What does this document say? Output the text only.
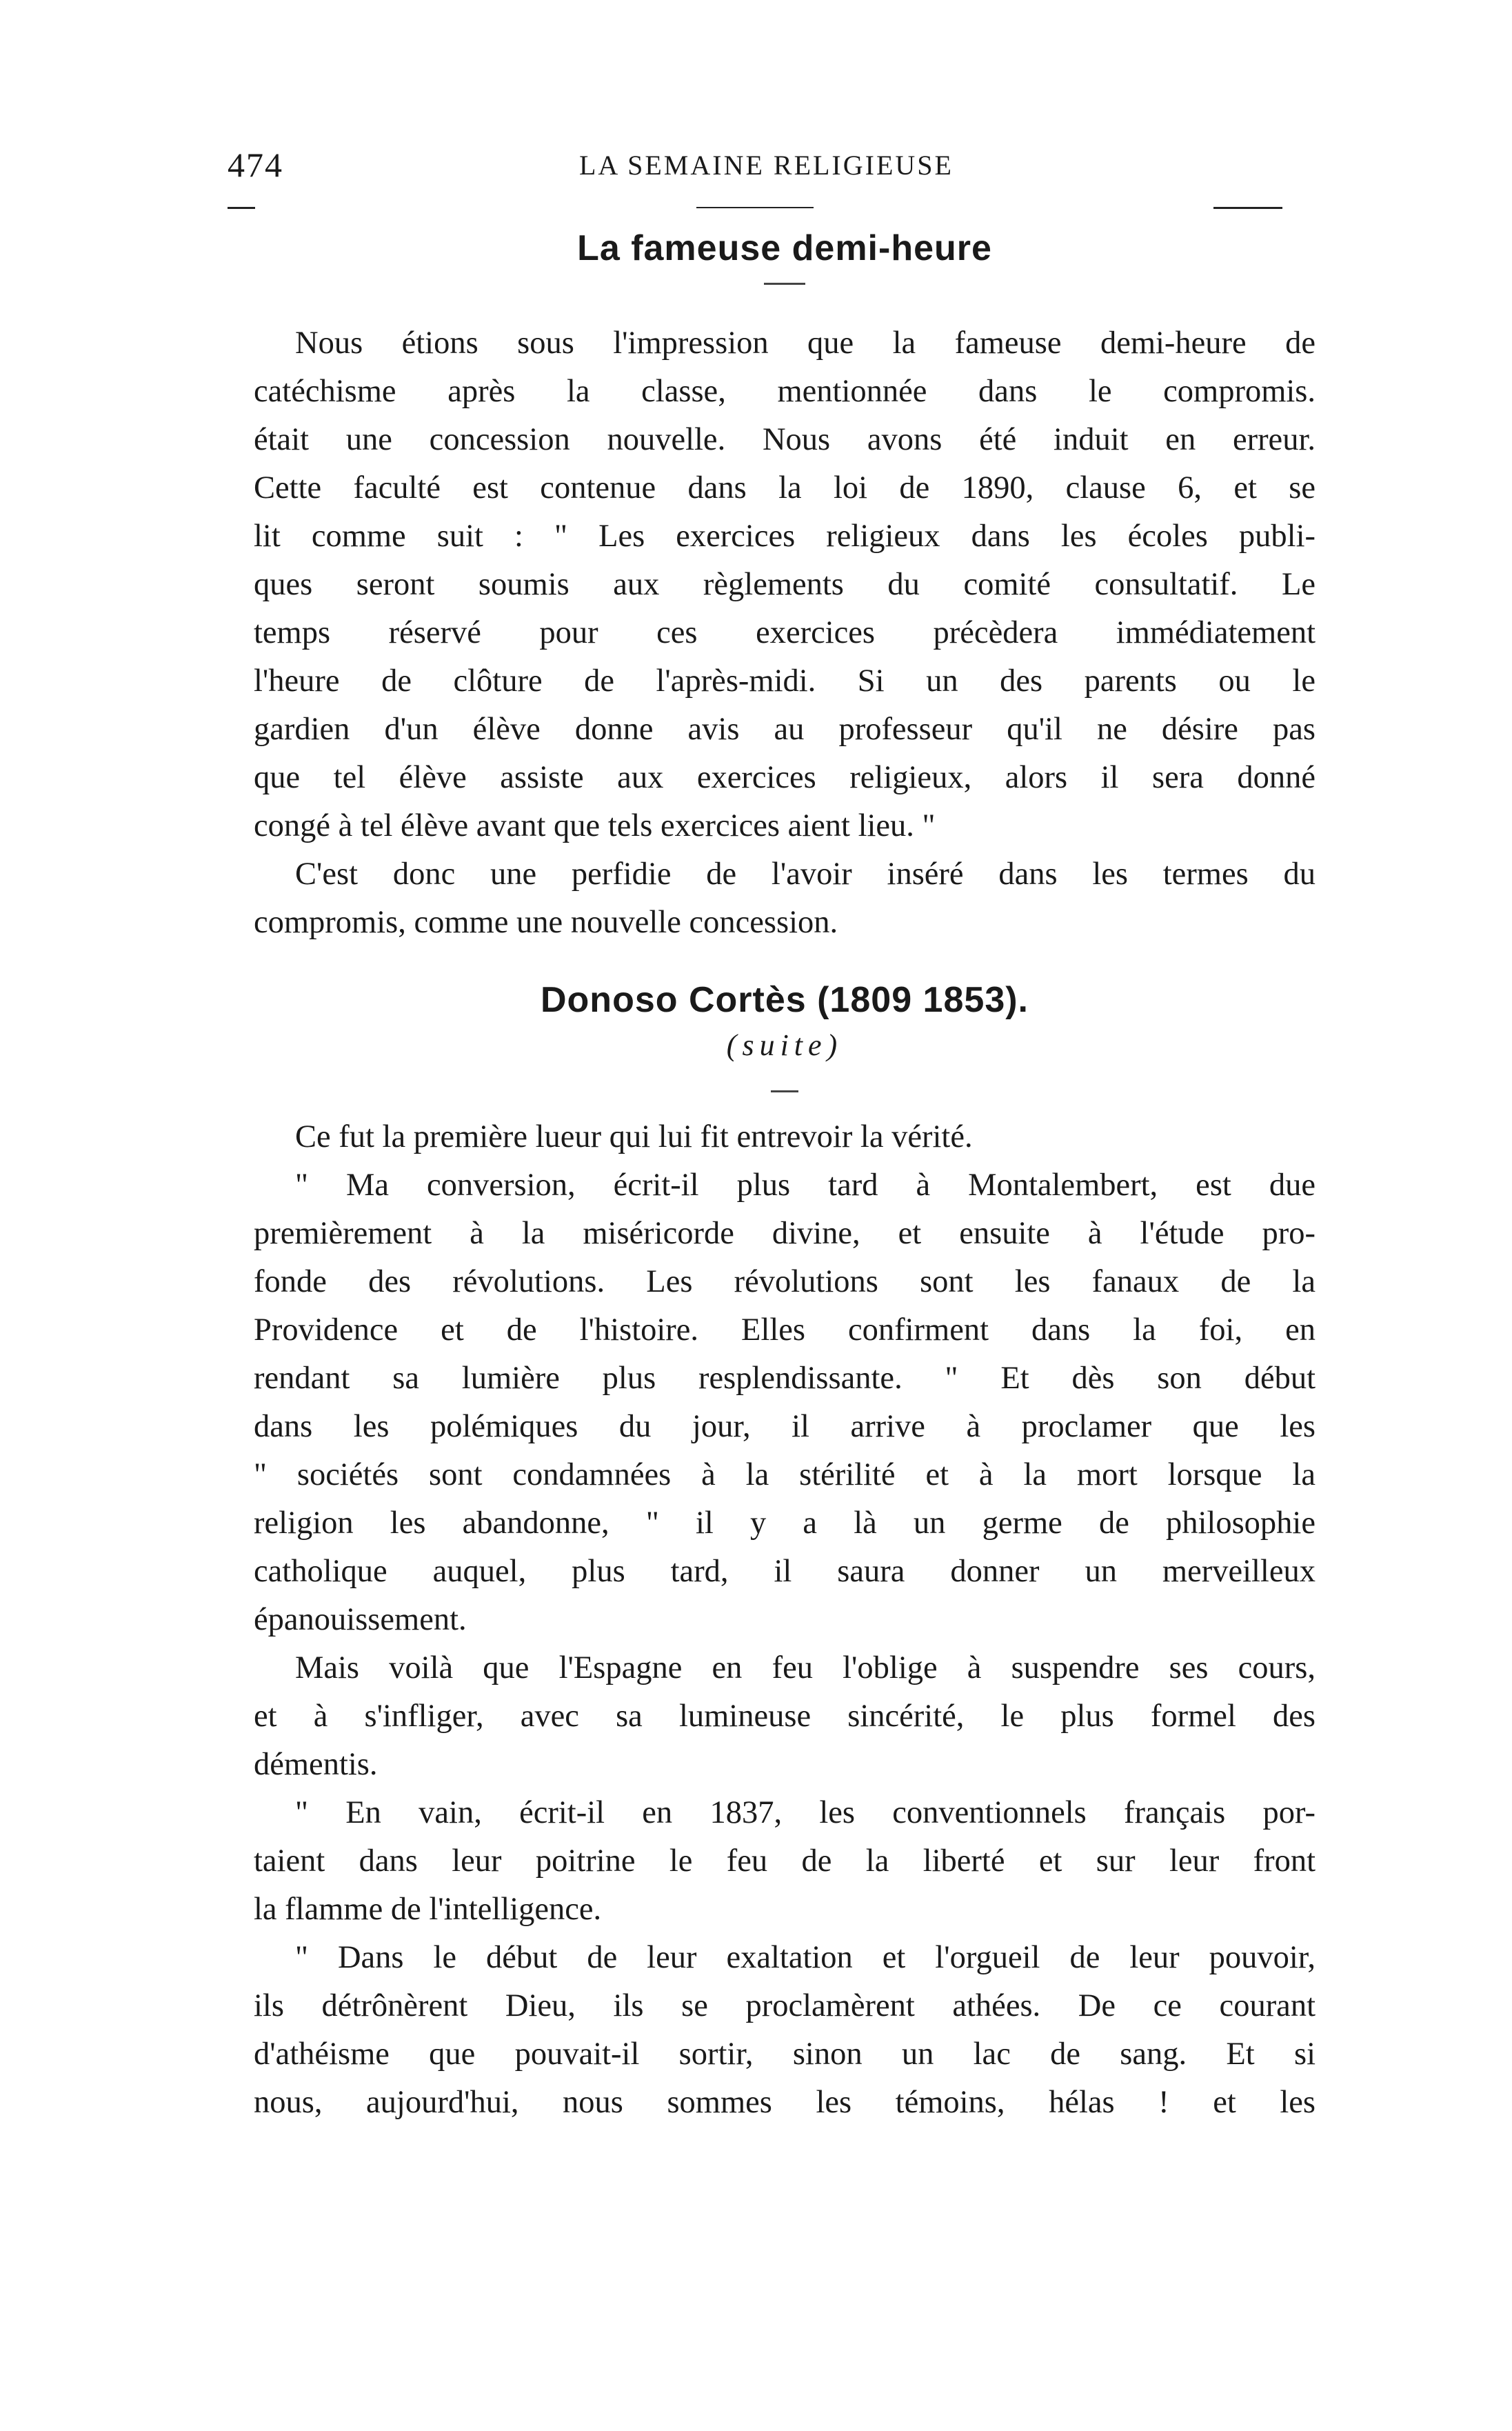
474	LA SEMAINE RELIGIEUSE
La fameuse demi-heure
Nous étions sous l'impression que la fameuse demi-heure de
catéchisme après la classe, mentionnée dans le compromis.
était une concession nouvelle. Nous avons été induit en erreur.
Cette faculté est contenue dans la loi de 1890, clause 6, et se
lit comme suit : " Les exercices religieux dans les écoles publi-
ques seront soumis aux règlements du comité consultatif. Le
temps réservé pour ces exercices précèdera immédiatement
l'heure de clôture de l'après-midi. Si un des parents ou le
gardien d'un élève donne avis au professeur qu'il ne désire pas
que tel élève assiste aux exercices religieux, alors il sera donné
congé à tel élève avant que tels exercices aient lieu. "
C'est donc une perfidie de l'avoir inséré dans les termes du
compromis, comme une nouvelle concession.
Donoso Cortès (1809 1853).

(suite)

Ce fut la première lueur qui lui fit entrevoir la vérité.
" Ma conversion, écrit-il plus tard à Montalembert, est due
premièrement à la miséricorde divine, et ensuite à l'étude pro-
fonde des révolutions. Les révolutions sont les fanaux de la
Providence et de l'histoire. Elles confirment dans la foi, en
rendant sa lumière plus resplendissante. " Et dès son début
dans les polémiques du jour, il arrive à proclamer que les
" sociétés sont condamnées à la stérilité et à la mort lorsque la
religion les abandonne, " il y a là un germe de philosophie
catholique auquel, plus tard, il saura donner un merveilleux
épanouissement.
Mais voilà que l'Espagne en feu l'oblige à suspendre ses cours,
et à s'infliger, avec sa lumineuse sincérité, le plus formel des
démentis.
" En vain, écrit-il en 1837, les conventionnels français por-
taient dans leur poitrine le feu de la liberté et sur leur front
la flamme de l'intelligence.
" Dans le début de leur exaltation et l'orgueil de leur pouvoir,
ils détrônèrent Dieu, ils se proclamèrent athées. De ce courant
d'athéisme que pouvait-il sortir, sinon un lac de sang. Et si
nous, aujourd'hui, nous sommes les témoins, hélas ! et les
